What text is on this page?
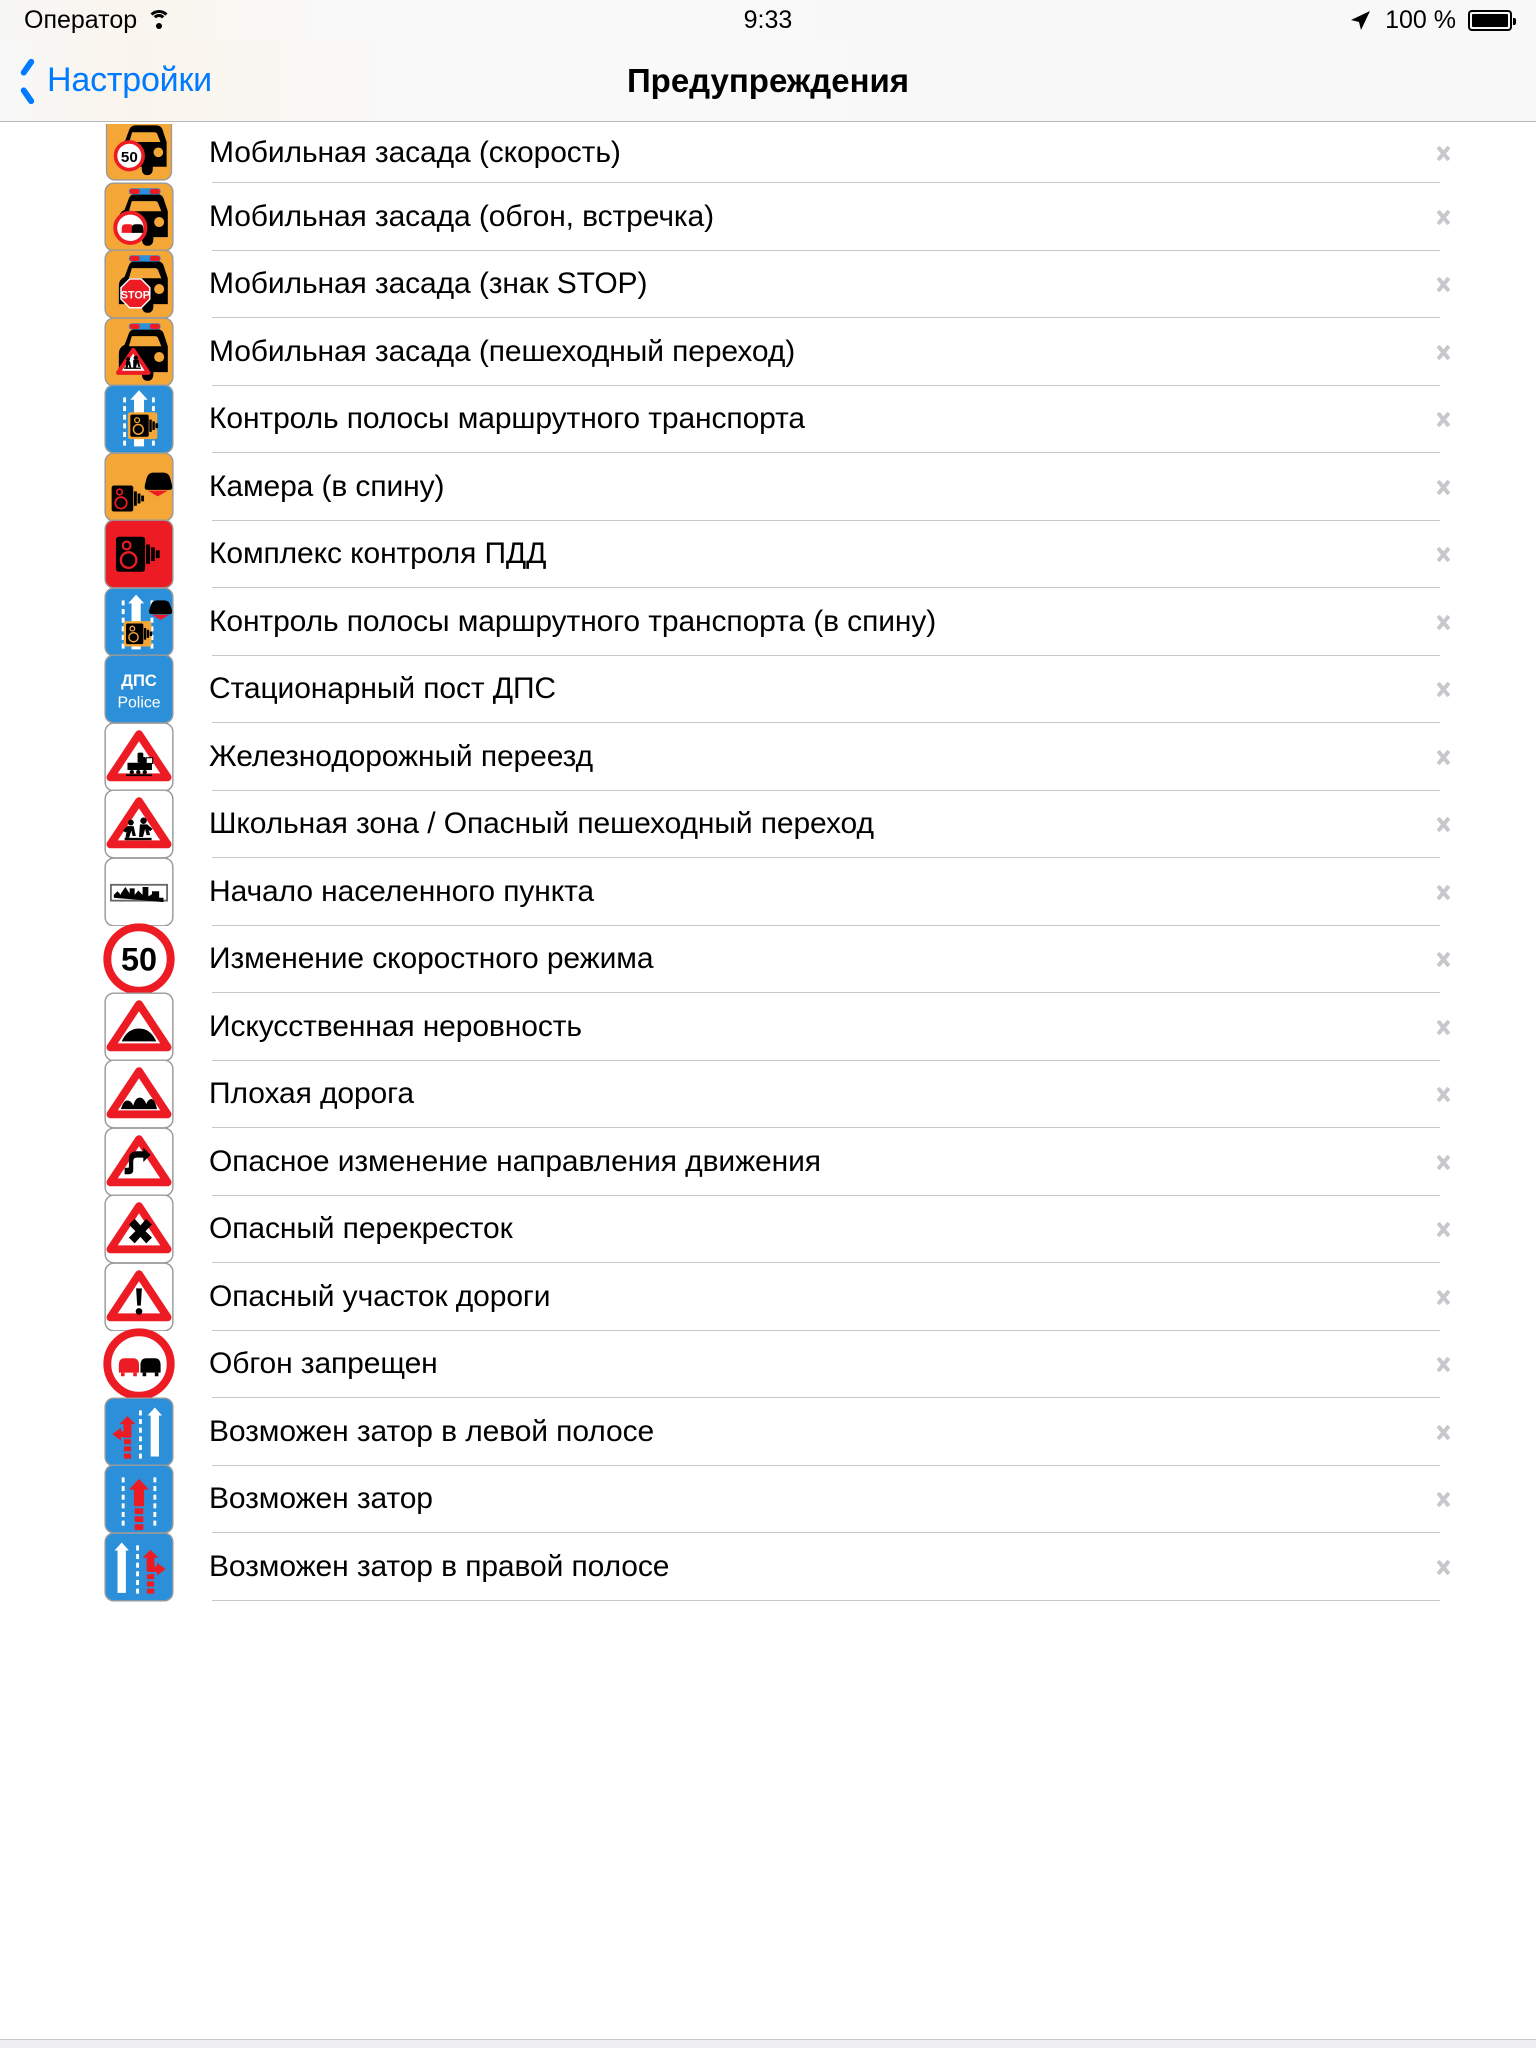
Оператор	9:33	100 %
Настройки	Предупреждения
50 Мобильная засада (скорость)
Мобильная засада (обгон, встречка)
STOP Мобильная засада (знак STOP)
Мобильная засада (пешеходный переход)
Контроль полосы маршрутного транспорта
Камера (в спину)
Комплекс контроля ПДД
Контроль полосы маршрутного транспорта (в спину)
ДПС
Police Стационарный пост ДПС
Железнодорожный переезд
Школьная зона / Опасный пешеходный переход
Начало населенного пункта
50 Изменение скоростного режима
Искусственная неровность
Плохая дорога
Опасное изменение направления движения
Опасный перекресток
Опасный участок дороги
Обгон запрещен
Возможен затор в левой полосе
Возможен затор
Возможен затор в правой полосе
